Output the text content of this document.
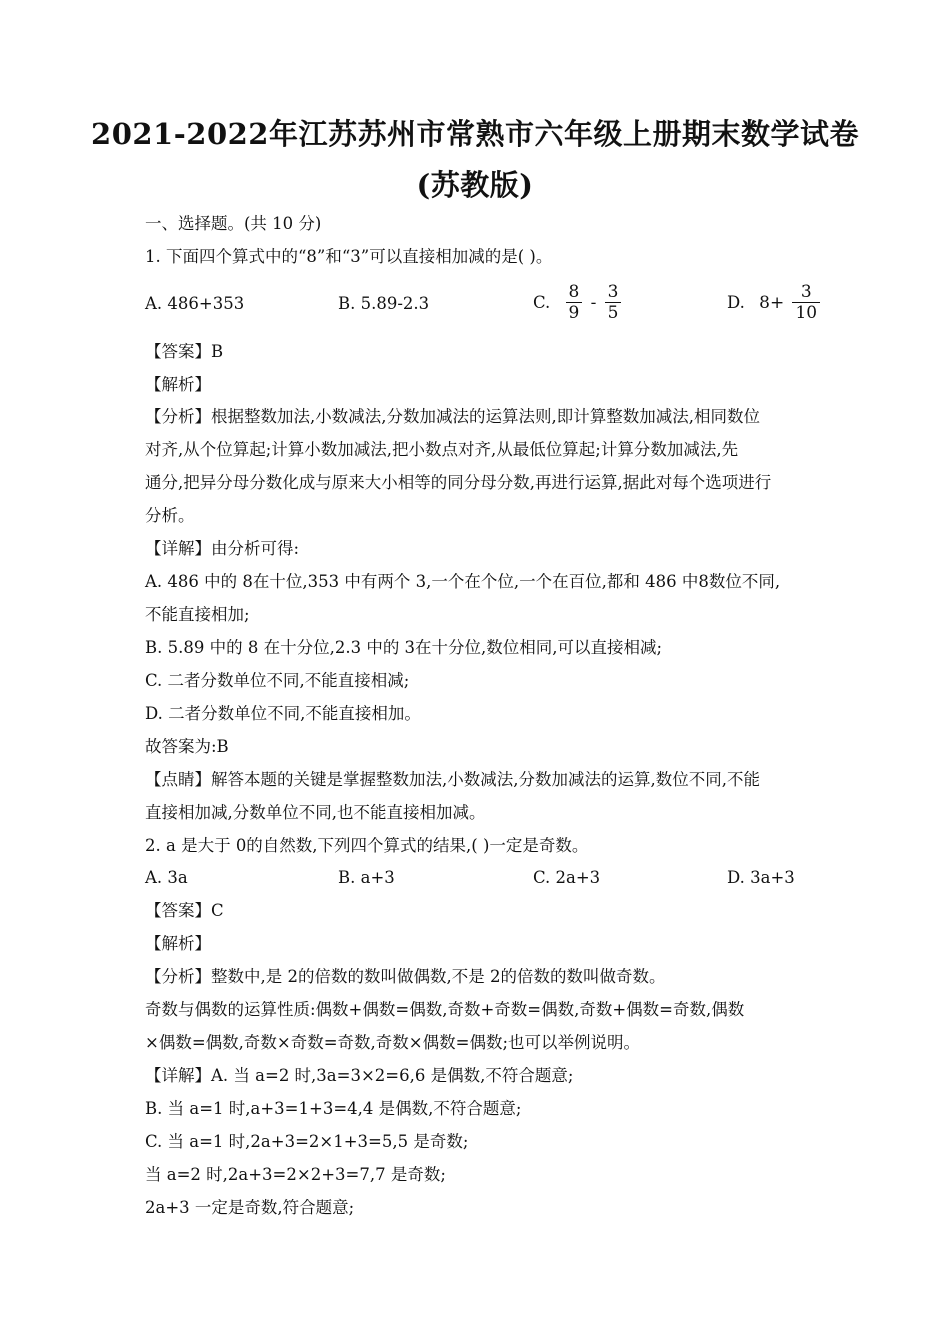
2021-2022年江苏苏州市常熟市六年级上册期末数学试卷
(苏教版)
一、选择题。(共 10 分)
1. 下面四个算式中的“8”和“3”可以直接相加减的是( )。
A. 486+353	B. 5.89-2.3	C. $\frac{8}{9} - \frac{3}{5}$	D. $8+ \frac{3}{10}$
【答案】B
【解析】
【分析】根据整数加法,小数减法,分数加减法的运算法则,即计算整数加减法,相同数位
对齐,从个位算起;计算小数加减法,把小数点对齐,从最低位算起;计算分数加减法,先
通分,把异分母分数化成与原来大小相等的同分母分数,再进行运算,据此对每个选项进行
分析。
【详解】由分析可得:
A. 486 中的 8在十位,353 中有两个 3,一个在个位,一个在百位,都和 486 中8数位不同,
不能直接相加;
B. 5.89 中的 8 在十分位,2.3 中的 3在十分位,数位相同,可以直接相减;
C. 二者分数单位不同,不能直接相减;
D. 二者分数单位不同,不能直接相加。
故答案为:B
【点睛】解答本题的关键是掌握整数加法,小数减法,分数加减法的运算,数位不同,不能
直接相加减,分数单位不同,也不能直接相加减。
2. a 是大于 0的自然数,下列四个算式的结果,( )一定是奇数。
A. 3a	B. a+3	C. 2a+3	D. 3a+3
【答案】C
【解析】
【分析】整数中,是 2的倍数的数叫做偶数,不是 2的倍数的数叫做奇数。
奇数与偶数的运算性质:偶数+偶数=偶数,奇数+奇数=偶数,奇数+偶数=奇数,偶数
×偶数=偶数,奇数×奇数=奇数,奇数×偶数=偶数;也可以举例说明。
【详解】A. 当 a=2 时,3a=3×2=6,6 是偶数,不符合题意;
B. 当 a=1 时,a+3=1+3=4,4 是偶数,不符合题意;
C. 当 a=1 时,2a+3=2×1+3=5,5 是奇数;
当 a=2 时,2a+3=2×2+3=7,7 是奇数;
2a+3 一定是奇数,符合题意;
